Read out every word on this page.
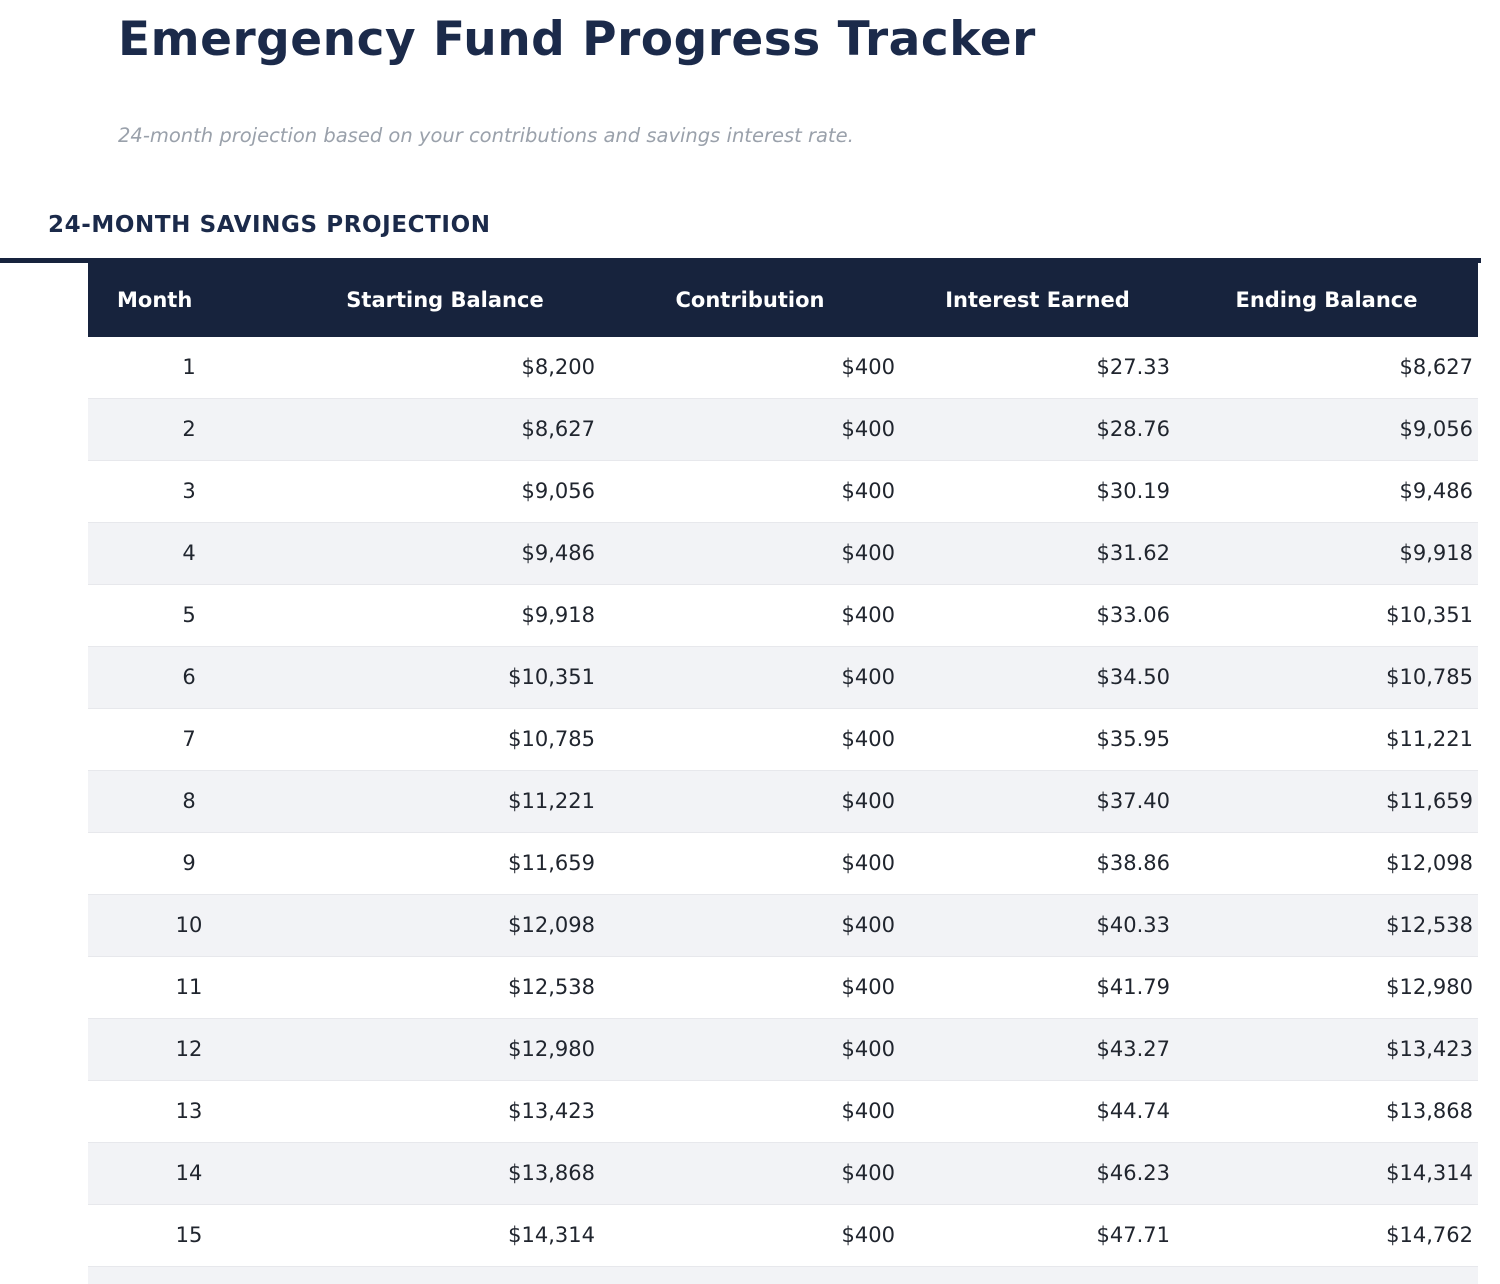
Emergency Fund Progress Tracker

24-month projection based on your contributions and savings interest rate.

24-MONTH SAVINGS PROJECTION
Month	Starting Balance	Contribution	Interest Earned	Ending Balance
1	$8,200	$400	$27.33	$8,627
2	$8,627	$400	$28.76	$9,056
3	$9,056	$400	$30.19	$9,486
4	$9,486	$400	$31.62	$9,918
5	$9,918	$400	$33.06	$10,351
6	$10,351	$400	$34.50	$10,785
7	$10,785	$400	$35.95	$11,221
8	$11,221	$400	$37.40	$11,659
9	$11,659	$400	$38.86	$12,098
10	$12,098	$400	$40.33	$12,538
11	$12,538	$400	$41.79	$12,980
12	$12,980	$400	$43.27	$13,423
13	$13,423	$400	$44.74	$13,868
14	$13,868	$400	$46.23	$14,314
15	$14,314	$400	$47.71	$14,762
